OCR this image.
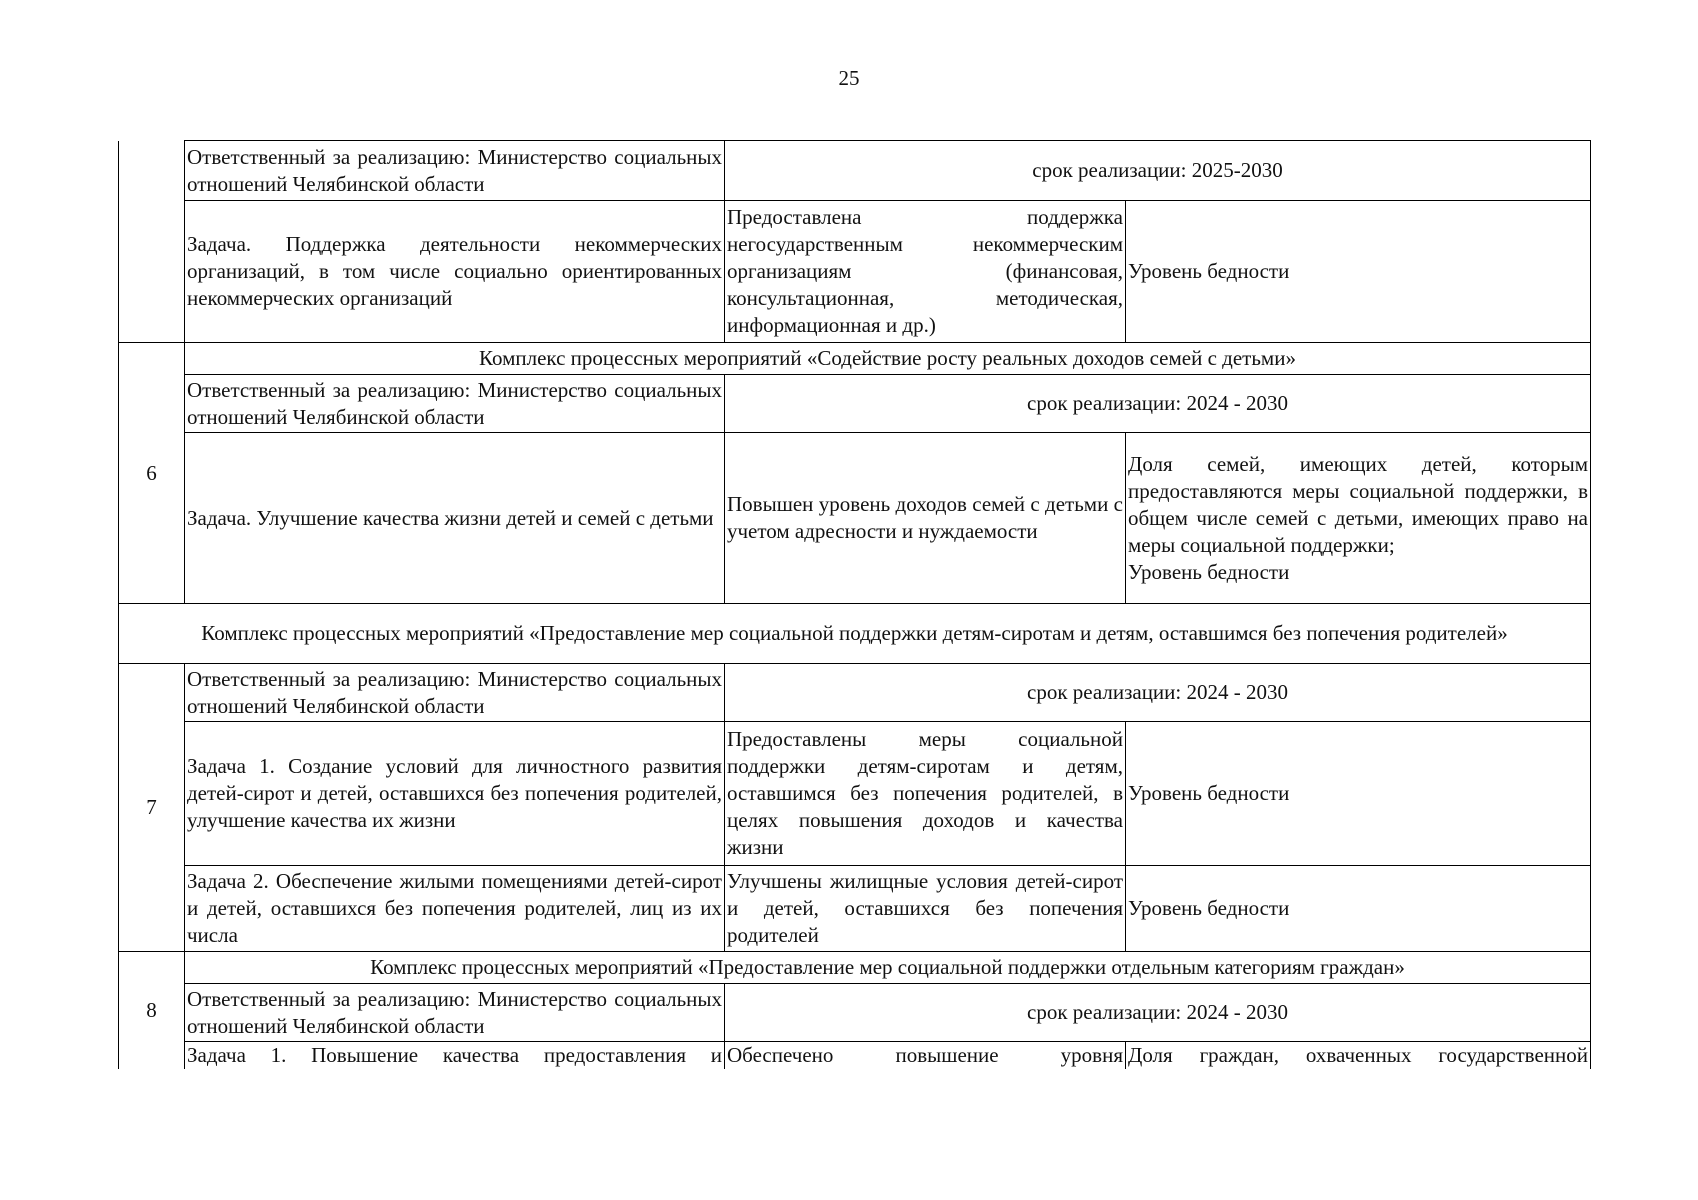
25
	Ответственный за реализацию: Министерство социальных отношений Челябинской области	срок реализации: 2025-2030	
	Задача. Поддержка деятельности некоммерческих организаций, в том числе социально ориентированных некоммерческих организаций	Предоставлена поддержка негосударственным некоммерческим организациям (финансовая, консультационная, методическая, информационная и др.)	Уровень бедности
6	Комплекс процессных мероприятий «Содействие росту реальных доходов семей с детьми»		
	Ответственный за реализацию: Министерство социальных отношений Челябинской области	срок реализации: 2024 - 2030	
	Задача. Улучшение качества жизни детей и семей с детьми	Повышен уровень доходов семей с детьми с учетом адресности и нуждаемости	Доля семей, имеющих детей, которым предоставляются меры социальной поддержки, в общем числе семей с детьми, имеющих право на меры социальной поддержки;
Уровень бедности

Комплекс процессных мероприятий «Предоставление мер социальной поддержки детям-сиротам и детям, оставшимся без попечения родителей»			
7	Ответственный за реализацию: Министерство социальных отношений Челябинской области	срок реализации: 2024 - 2030	
	Задача 1. Создание условий для личностного развития детей-сирот и детей, оставшихся без попечения родителей, улучшение качества их жизни	Предоставлены меры социальной поддержки детям-сиротам и детям, оставшимся без попечения родителей, в целях повышения доходов и качества жизни	Уровень бедности
	Задача 2. Обеспечение жилыми помещениями детей-сирот и детей, оставшихся без попечения родителей, лиц из их числа	Улучшены жилищные условия детей-сирот и детей, оставшихся без попечения родителей	Уровень бедности
8	Комплекс процессных мероприятий «Предоставление мер социальной поддержки отдельным категориям граждан»		
	Ответственный за реализацию: Министерство социальных отношений Челябинской области	срок реализации: 2024 - 2030	
	Задача 1. Повышение качества предоставления и	Обеспечено повышение уровня	Доля граждан, охваченных государственной
